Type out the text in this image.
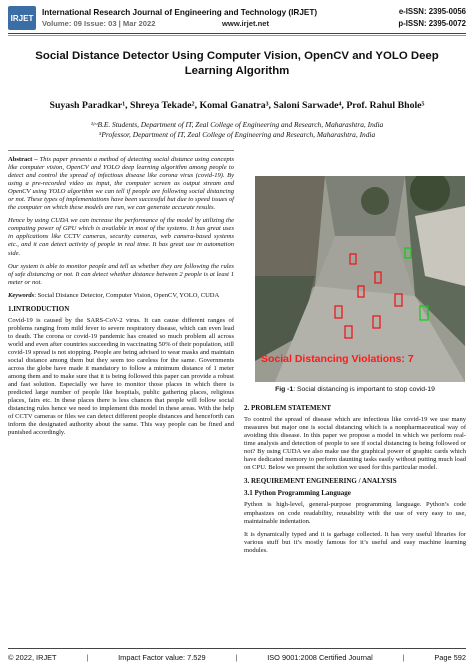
IRJET
International Research Journal of Engineering and Technology (IRJET)
Volume: 09 Issue: 03 | Mar 2022	www.irjet.net
e-ISSN: 2395-0056
p-ISSN: 2395-0072
Social Distance Detector Using Computer Vision, OpenCV and YOLO Deep Learning Algorithm
Suyash Paradkar¹, Shreya Tekade², Komal Ganatra³, Saloni Sarwade⁴, Prof. Rahul Bhole⁵
¹ʲʳʴB.E. Students, Department of IT, Zeal College of Engineering and Research, Maharashtra, India
⁵Professor, Department of IT, Zeal College of Engineering and Research, Maharashtra, India

Abstract – This paper presents a method of detecting social distance using concepts like computer vision, OpenCV and YOLO deep learning algorithm among people to detect and control the spread of infectious disease like corona virus (covid-19). By using a pre-recorded video as input, the computer screen as output stream and OpenCV using YOLO algorithm we can tell if people are following social distancing or not. These types of implementations have been successful but due to speed issues of the computer on which these models are run, we can generate accurate results.

Hence by using CUDA we can increase the performance of the model by utilizing the computing power of GPU which is available in most of the systems. It has great uses in applications like CCTV cameras, security cameras, web camera-based systems etc., and it can detect activity of people in real time. It has great use in automation side.

Our system is able to monitor people and tell us whether they are following the rules of safe distancing or not. It can detect whether distance between 2 people is at least 1 meter or not.

Keywords: Social Distance Detector, Computer Vision, OpenCV, YOLO, CUDA

1.INTRODUCTION

Covid-19 is caused by the SARS-CoV-2 virus. It can cause different ranges of problems ranging from mild fever to severe respiratory disease, which can even lead to death. The corona or covid-19 pandemic has created so much problem all across world and even after countries succeeding in vaccinating 50% of their population, still covid-19 spread is not stopping. People are being advised to wear masks and maintain social distance among them but they seem too careless for the same. Governments across the globe have made it mandatory to follow a minimum distance of 1 meter among them and to make sure that it is being followed this paper can provide a robust and fast solution. Especially we have to monitor those places in which there is predicted large number of people like hospitals, public gathering places, religious places, fairs etc. In these places there is less chances that people will follow social distancing rules hence we need to implement this model in these areas. With the help of CCTV cameras or files we can detect different people distances and henceforth can inform the designated authority about the same. This way people can be fined and punished accordingly.

Social Distancing Violations: 7
Fig -1: Social distancing is important to stop covid-19
2. PROBLEM STATEMENT

To control the spread of disease which are infectious like covid-19 we use many measures but major one is social distancing which is a nonpharmaceutical way of avoiding this disease. In this paper we propose a model in which we perform real-time analysis and detection of people to see if social distancing is being followed or not? By using CUDA we also make use the graphical power of graphic cards which have dedicated memory to perform daunting tasks easily without putting much load on CPU. Below we present the solution we used for this particular model.

3. REQUIREMENT ENGINEERING / ANALYSIS
3.1 Python Programming Language

Python is high-level, general-purpose programming language. Python’s code emphasizes on code readability, reusability with the use of very easy to use, maintainable indentation.

It is dynamically typed and it is garbage collected. It has very useful libraries for various stuff but it’s mostly famous for it’s useful and easy machine learning modules.

© 2022, IRJET	|	Impact Factor value: 7.529	|	ISO 9001:2008 Certified Journal	|	Page 592
